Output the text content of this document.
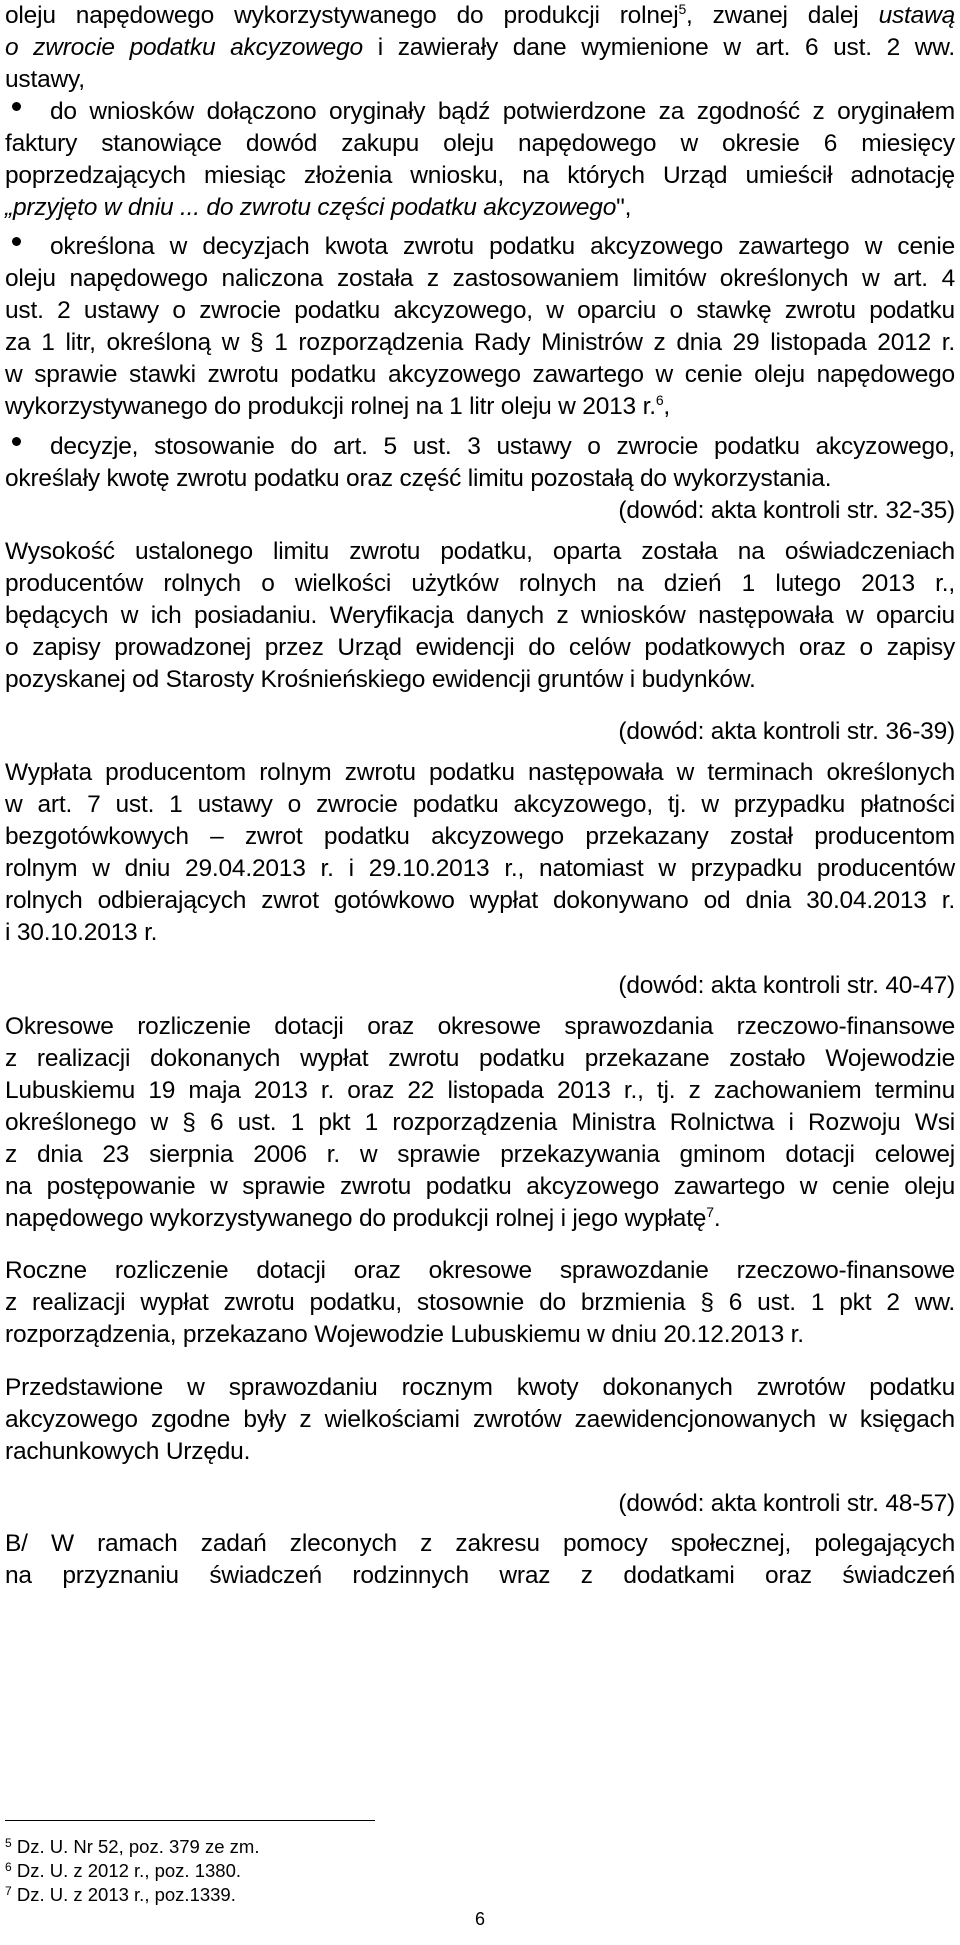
oleju napędowego wykorzystywanego do produkcji rolnej$^5$, zwanej dalej ustawą
o zwrocie podatku akcyzowego i zawierały dane wymienione w art. 6 ust. 2 ww.
ustawy,
do wniosków dołączono oryginały bądź potwierdzone za zgodność z oryginałem
faktury stanowiące dowód zakupu oleju napędowego w okresie 6 miesięcy
poprzedzających miesiąc złożenia wniosku, na których Urząd umieścił adnotację
„przyjęto w dniu ... do zwrotu części podatku akcyzowego",
określona w decyzjach kwota zwrotu podatku akcyzowego zawartego w cenie
oleju napędowego naliczona została z zastosowaniem limitów określonych w art. 4
ust. 2 ustawy o zwrocie podatku akcyzowego, w oparciu o stawkę zwrotu podatku
za 1 litr, określoną w § 1 rozporządzenia Rady Ministrów z dnia 29 listopada 2012 r.
w sprawie stawki zwrotu podatku akcyzowego zawartego w cenie oleju napędowego
wykorzystywanego do produkcji rolnej na 1 litr oleju w 2013 r.$^6$,
decyzje, stosowanie do art. 5 ust. 3 ustawy o zwrocie podatku akcyzowego,
określały kwotę zwrotu podatku oraz część limitu pozostałą do wykorzystania.
(dowód: akta kontroli str. 32-35)
Wysokość ustalonego limitu zwrotu podatku, oparta została na oświadczeniach
producentów rolnych o wielkości użytków rolnych na dzień 1 lutego 2013 r.,
będących w ich posiadaniu. Weryfikacja danych z wniosków następowała w oparciu
o zapisy prowadzonej przez Urząd ewidencji do celów podatkowych oraz o zapisy
pozyskanej od Starosty Krośnieńskiego ewidencji gruntów i budynków.
(dowód: akta kontroli str. 36-39)
Wypłata producentom rolnym zwrotu podatku następowała w terminach określonych
w art. 7 ust. 1 ustawy o zwrocie podatku akcyzowego, tj. w przypadku płatności
bezgotówkowych – zwrot podatku akcyzowego przekazany został producentom
rolnym w dniu 29.04.2013 r. i 29.10.2013 r., natomiast w przypadku producentów
rolnych odbierających zwrot gotówkowo wypłat dokonywano od dnia 30.04.2013 r.
i 30.10.2013 r.
(dowód: akta kontroli str. 40-47)
Okresowe rozliczenie dotacji oraz okresowe sprawozdania rzeczowo-finansowe
z realizacji dokonanych wypłat zwrotu podatku przekazane zostało Wojewodzie
Lubuskiemu 19 maja 2013 r. oraz 22 listopada 2013 r., tj. z zachowaniem terminu
określonego w § 6 ust. 1 pkt 1 rozporządzenia Ministra Rolnictwa i Rozwoju Wsi
z dnia 23 sierpnia 2006 r. w sprawie przekazywania gminom dotacji celowej
na postępowanie w sprawie zwrotu podatku akcyzowego zawartego w cenie oleju
napędowego wykorzystywanego do produkcji rolnej i jego wypłatę$^7$.
Roczne rozliczenie dotacji oraz okresowe sprawozdanie rzeczowo-finansowe
z realizacji wypłat zwrotu podatku, stosownie do brzmienia § 6 ust. 1 pkt 2 ww.
rozporządzenia, przekazano Wojewodzie Lubuskiemu w dniu 20.12.2013 r.
Przedstawione w sprawozdaniu rocznym kwoty dokonanych zwrotów podatku
akcyzowego zgodne były z wielkościami zwrotów zaewidencjonowanych w księgach
rachunkowych Urzędu.
(dowód: akta kontroli str. 48-57)
B/ W ramach zadań zleconych z zakresu pomocy społecznej, polegających
na przyznaniu świadczeń rodzinnych wraz z dodatkami oraz świadczeń
$^5$ Dz. U. Nr 52, poz. 379 ze zm.
$^6$ Dz. U. z 2012 r., poz. 1380.
$^7$ Dz. U. z 2013 r., poz.1339.
6
